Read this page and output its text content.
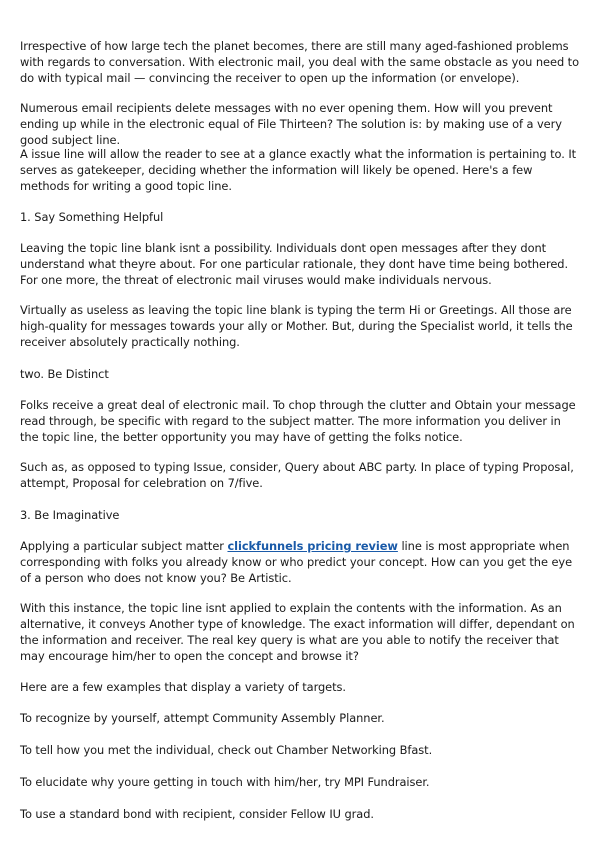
Irrespective of how large tech the planet becomes, there are still many aged-fashioned problems with regards to conversation. With electronic mail, you deal with the same obstacle as you need to do with typical mail — convincing the receiver to open up the information (or envelope).

Numerous email recipients delete messages with no ever opening them. How will you prevent ending up while in the electronic equal of File Thirteen? The solution is: by making use of a very good subject line.

A issue line will allow the reader to see at a glance exactly what the information is pertaining to. It serves as gatekeeper, deciding whether the information will likely be opened. Here's a few methods for writing a good topic line.

1. Say Something Helpful

Leaving the topic line blank isnt a possibility. Individuals dont open messages after they dont understand what theyre about. For one particular rationale, they dont have time being bothered. For one more, the threat of electronic mail viruses would make individuals nervous.

Virtually as useless as leaving the topic line blank is typing the term Hi or Greetings. All those are high-quality for messages towards your ally or Mother. But, during the Specialist world, it tells the receiver absolutely practically nothing.

two. Be Distinct

Folks receive a great deal of electronic mail. To chop through the clutter and Obtain your message read through, be specific with regard to the subject matter. The more information you deliver in the topic line, the better opportunity you may have of getting the folks notice.

Such as, as opposed to typing Issue, consider, Query about ABC party. In place of typing Proposal, attempt, Proposal for celebration on 7/five.

3. Be Imaginative

Applying a particular subject matter clickfunnels pricing review line is most appropriate when corresponding with folks you already know or who predict your concept. How can you get the eye of a person who does not know you? Be Artistic.

With this instance, the topic line isnt applied to explain the contents with the information. As an alternative, it conveys Another type of knowledge. The exact information will differ, dependant on the information and receiver. The real key query is what are you able to notify the receiver that may encourage him/her to open the concept and browse it?

Here are a few examples that display a variety of targets.

To recognize by yourself, attempt Community Assembly Planner.

To tell how you met the individual, check out Chamber Networking Bfast.

To elucidate why youre getting in touch with him/her, try MPI Fundraiser.

To use a standard bond with recipient, consider Fellow IU grad.
